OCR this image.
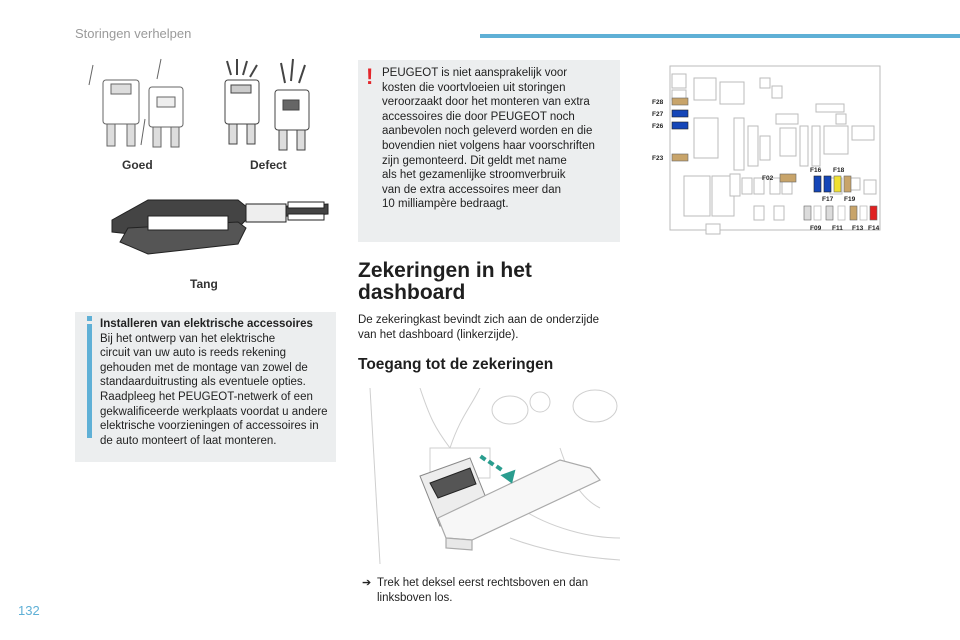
Storingen verhelpen
Goed	Defect
Tang
Installeren van elektrische accessoires
Bij het ontwerp van het elektrische
circuit van uw auto is reeds rekening
gehouden met de montage van zowel de
standaarduitrusting als eventuele opties.
Raadpleeg het PEUGEOT-netwerk of een
gekwalificeerde werkplaats voordat u andere
elektrische voorzieningen of accessoires in
de auto monteert of laat monteren.
! PEUGEOT is niet aansprakelijk voor
kosten die voortvloeien uit storingen
veroorzaakt door het monteren van extra
accessoires die door PEUGEOT noch
aanbevolen noch geleverd worden en die
bovendien niet volgens haar voorschriften
zijn gemonteerd. Dit geldt met name
als het gezamenlijke stroomverbruik
van de extra accessoires meer dan
10 milliampère bedraagt.
Zekeringen in het
dashboard
De zekeringkast bevindt zich aan de onderzijde
van het dashboard (linkerzijde).
Toegang tot de zekeringen
➔ Trek het deksel eerst rechtsboven en dan
linksboven los.
F28
F27
F26
F23
F02
F16
F17
F18
F19
F09 F11 F13 F14
132
